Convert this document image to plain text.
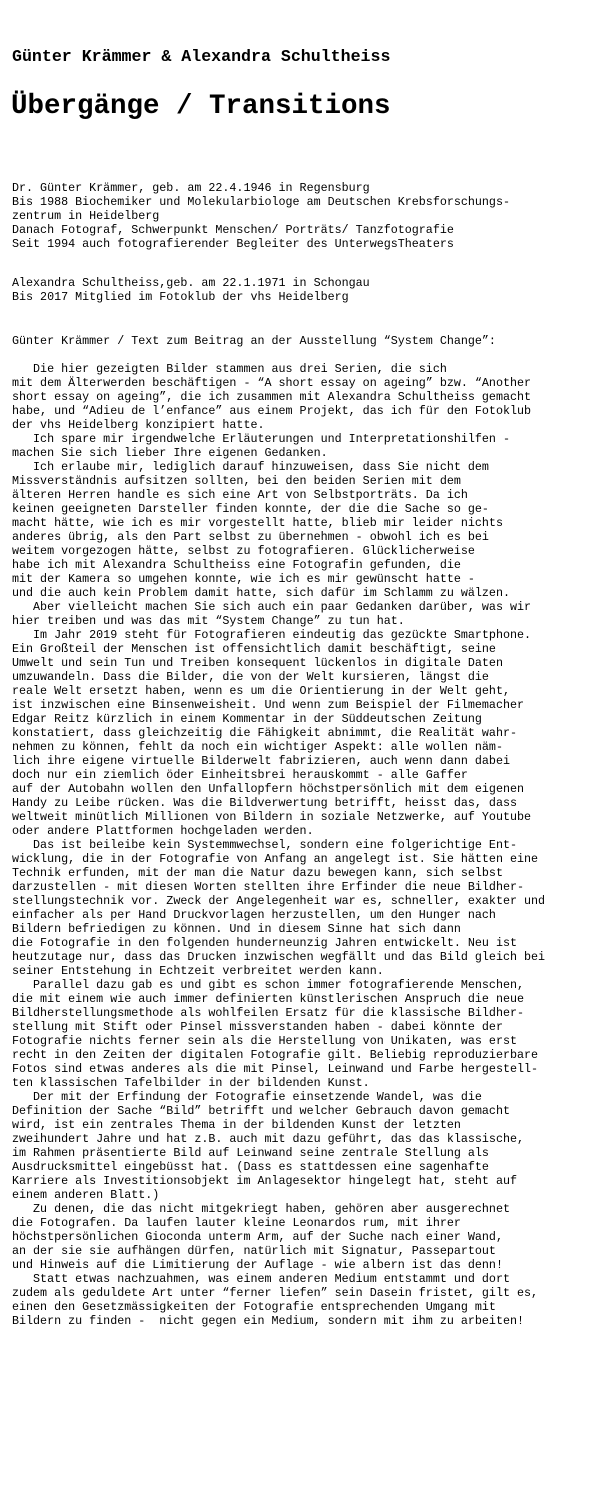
Günter Krämmer & Alexandra Schultheiss
Übergänge / Transitions

Dr. Günter Krämmer, geb. am 22.4.1946 in Regensburg

Bis 1988 Biochemiker und Molekularbiologe am Deutschen Krebsforschungs-

zentrum in Heidelberg

Danach Fotograf, Schwerpunkt Menschen/ Porträts/ Tanzfotografie

Seit 1994 auch fotografierender Begleiter des UnterwegsTheaters

Alexandra Schultheiss,geb. am 22.1.1971 in Schongau

Bis 2017 Mitglied im Fotoklub der vhs Heidelberg

Günter Krämmer / Text zum Beitrag an der Ausstellung “System Change”:

Die hier gezeigten Bilder stammen aus drei Serien, die sich

mit dem Älterwerden beschäftigen - “A short essay on ageing” bzw. “Another

short essay on ageing”, die ich zusammen mit Alexandra Schultheiss gemacht

habe, und “Adieu de l’enfance” aus einem Projekt, das ich für den Fotoklub

der vhs Heidelberg konzipiert hatte.

Ich spare mir irgendwelche Erläuterungen und Interpretationshilfen -

machen Sie sich lieber Ihre eigenen Gedanken.

Ich erlaube mir, lediglich darauf hinzuweisen, dass Sie nicht dem

Missverständnis aufsitzen sollten, bei den beiden Serien mit dem

älteren Herren handle es sich eine Art von Selbstporträts. Da ich

keinen geeigneten Darsteller finden konnte, der die die Sache so ge-

macht hätte, wie ich es mir vorgestellt hatte, blieb mir leider nichts

anderes übrig, als den Part selbst zu übernehmen - obwohl ich es bei

weitem vorgezogen hätte, selbst zu fotografieren. Glücklicherweise

habe ich mit Alexandra Schultheiss eine Fotografin gefunden, die

mit der Kamera so umgehen konnte, wie ich es mir gewünscht hatte -

und die auch kein Problem damit hatte, sich dafür im Schlamm zu wälzen.

Aber vielleicht machen Sie sich auch ein paar Gedanken darüber, was wir

hier treiben und was das mit “System Change” zu tun hat.

Im Jahr 2019 steht für Fotografieren eindeutig das gezückte Smartphone.

Ein Großteil der Menschen ist offensichtlich damit beschäftigt, seine

Umwelt und sein Tun und Treiben konsequent lückenlos in digitale Daten

umzuwandeln. Dass die Bilder, die von der Welt kursieren, längst die

reale Welt ersetzt haben, wenn es um die Orientierung in der Welt geht,

ist inzwischen eine Binsenweisheit. Und wenn zum Beispiel der Filmemacher

Edgar Reitz kürzlich in einem Kommentar in der Süddeutschen Zeitung

konstatiert, dass gleichzeitig die Fähigkeit abnimmt, die Realität wahr-

nehmen zu können, fehlt da noch ein wichtiger Aspekt: alle wollen näm-

lich ihre eigene virtuelle Bilderwelt fabrizieren, auch wenn dann dabei

doch nur ein ziemlich öder Einheitsbrei herauskommt - alle Gaffer

auf der Autobahn wollen den Unfallopfern höchstpersönlich mit dem eigenen

Handy zu Leibe rücken. Was die Bildverwertung betrifft, heisst das, dass

weltweit minütlich Millionen von Bildern in soziale Netzwerke, auf Youtube

oder andere Plattformen hochgeladen werden.

Das ist beileibe kein Systemmwechsel, sondern eine folgerichtige Ent-

wicklung, die in der Fotografie von Anfang an angelegt ist. Sie hätten eine

Technik erfunden, mit der man die Natur dazu bewegen kann, sich selbst

darzustellen - mit diesen Worten stellten ihre Erfinder die neue Bildher-

stellungstechnik vor. Zweck der Angelegenheit war es, schneller, exakter und

einfacher als per Hand Druckvorlagen herzustellen, um den Hunger nach

Bildern befriedigen zu können. Und in diesem Sinne hat sich dann

die Fotografie in den folgenden hunderneunzig Jahren entwickelt. Neu ist

heutzutage nur, dass das Drucken inzwischen wegfällt und das Bild gleich bei

seiner Entstehung in Echtzeit verbreitet werden kann.

Parallel dazu gab es und gibt es schon immer fotografierende Menschen,

die mit einem wie auch immer definierten künstlerischen Anspruch die neue

Bildherstellungsmethode als wohlfeilen Ersatz für die klassische Bildher-

stellung mit Stift oder Pinsel missverstanden haben - dabei könnte der

Fotografie nichts ferner sein als die Herstellung von Unikaten, was erst

recht in den Zeiten der digitalen Fotografie gilt. Beliebig reproduzierbare

Fotos sind etwas anderes als die mit Pinsel, Leinwand und Farbe hergestell-

ten klassischen Tafelbilder in der bildenden Kunst.

Der mit der Erfindung der Fotografie einsetzende Wandel, was die

Definition der Sache “Bild” betrifft und welcher Gebrauch davon gemacht

wird, ist ein zentrales Thema in der bildenden Kunst der letzten

zweihundert Jahre und hat z.B. auch mit dazu geführt, das das klassische,

im Rahmen präsentierte Bild auf Leinwand seine zentrale Stellung als

Ausdrucksmittel eingebüsst hat. (Dass es stattdessen eine sagenhafte

Karriere als Investitionsobjekt im Anlagesektor hingelegt hat, steht auf

einem anderen Blatt.)

Zu denen, die das nicht mitgekriegt haben, gehören aber ausgerechnet

die Fotografen. Da laufen lauter kleine Leonardos rum, mit ihrer

höchstpersönlichen Gioconda unterm Arm, auf der Suche nach einer Wand,

an der sie sie aufhängen dürfen, natürlich mit Signatur, Passepartout

und Hinweis auf die Limitierung der Auflage - wie albern ist das denn!

Statt etwas nachzuahmen, was einem anderen Medium entstammt und dort

zudem als geduldete Art unter “ferner liefen” sein Dasein fristet, gilt es,

einen den Gesetzmässigkeiten der Fotografie entsprechenden Umgang mit

Bildern zu finden -  nicht gegen ein Medium, sondern mit ihm zu arbeiten!
